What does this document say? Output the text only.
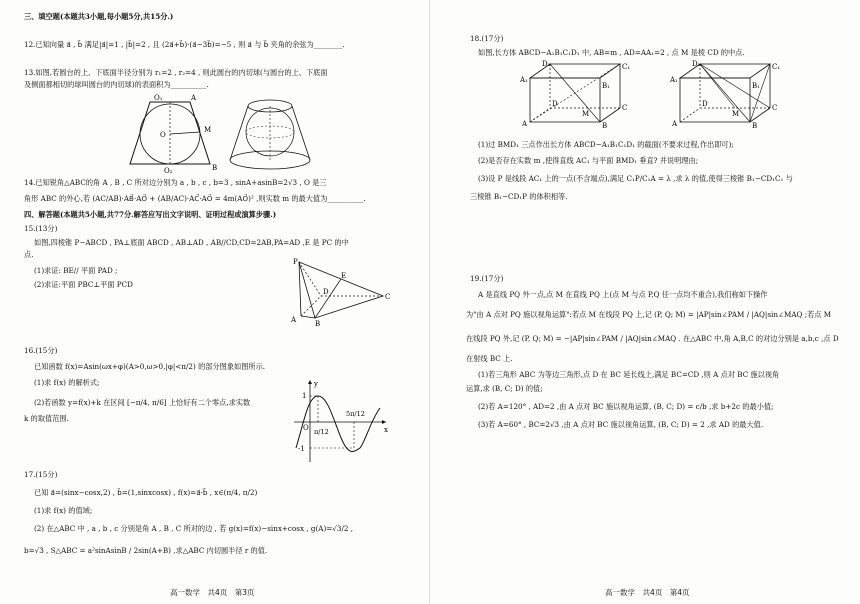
三、填空题(本题共3小题,每小题5分,共15分.)
12.已知向量 a⃗ , b⃗ 满足|a⃗|=1 , |b⃗|=2 , 且 (2a⃗+b⃗)·(a⃗−3b⃗)=−5 , 则 a⃗ 与 b⃗ 夹角的余弦为________.
13.如图,若圆台的上、下底面半径分别为 r₁=2 , r₂=4 , 则此圆台的内切球(与圆台的上、下底面
及侧面都相切的球叫圆台的内切球)的表面积为__________.
O₁	A
M
O
O₂	B
14.已知锐角△ABC的角 A , B , C 所对边分别为 a , b , c , b=3 , sinA+asinB=2√3 , O 是三
角形 ABC 的外心,若 (AC/AB)·AB⃗·AO⃗ + (AB/AC)·AC⃗·AO⃗ = 4m(AO⃗)² ,则实数 m 的最大值为__________.
四、解答题(本题共5小题,共77分.解答应写出文字说明、证明过程或演算步骤.)
15.(13分)
如图,四棱锥 P−ABCD , PA⊥底面 ABCD , AB⊥AD , AB//CD,CD=2AB,PA=AD ,E 是 PC 的中
点.
(1)求证: BE// 平面 PAD ;
(2)求证:平面 PBC⊥平面 PCD
P
E
D
C
A	B
16.(15分)
已知函数 f(x)=Asin(ωx+φ)(A>0,ω>0,|φ|<π/2) 的部分图象如图所示.
(1)求 f(x) 的解析式;
(2)若函数 y=f(x)+k 在区间 [−π/4, π/6] 上恰好有二个零点,求实数
k 的取值范围.
y
1
-1
O π/12
5π/12
x
17.(15分)
已知 a⃗=(sinx−cosx,2) , b⃗=(1,sinxcosx) , f(x)=a⃗·b⃗ , x∈(π/4, π/2)
(1)求 f(x) 的值域;
(2) 在△ABC 中 , a , b , c 分别是角 A , B , C 所对的边 , 若 g(x)=f(x)−sinx+cosx , g(A)=√3/2 ,
b=√3 , S△ABC = a²sinAsinB / 2sin(A+B) ,求△ABC 内切圆半径 r 的值.
高一数学　共4页　第3页
18.(17分)
如图,长方体 ABCD−A₁B₁C₁D₁ 中, AB=m , AD=AA₁=2 , 点 M 是棱 CD 的中点.
D₁	C₁
A₁
B₁
D
M
C
A	B
D₁	C₁
A₁
B₁
D
M
C
A	B
(1)过 BMD₁ 三点作出长方体 ABCD−A₁B₁C₁D₁ 的截面(不要求过程,作出即可);
(2)是否存在实数 m ,使得直线 AC₁ 与平面 BMD₁ 垂直? 并说明理由;
(3)设 P 是线段 AC₁ 上的一点(不含端点),满足 C₁P/C₁A = λ ,求 λ 的值,使得三棱锥 B₁−CD₁C₁ 与
三棱锥 B₁−CD₁P 的体积相等.
19.(17分)
A 是直线 PQ 外一点,点 M 在直线 PQ 上(点 M 与点 P,Q 任一点均不重合),我们称如下操作
为"由 A 点对 PQ 施以视角运算":若点 M 在线段 PQ 上,记 (P, Q; M) = |AP|sin∠PAM / |AQ|sin∠MAQ ;若点 M
在线段 PQ 外,记 (P, Q; M) = −|AP|sin∠PAM / |AQ|sin∠MAQ . 在△ABC 中,角 A,B,C 的对边分别是 a,b,c ,点 D
在射线 BC 上.
(1)若三角形 ABC 为等边三角形,点 D 在 BC 延长线上,满足 BC=CD ,则 A 点对 BC 施以视角
运算,求 (B, C; D) 的值;
(2)若 A=120° , AD=2 ,由 A 点对 BC 施以视角运算, (B, C; D) = c/b ,求 b+2c 的最小值;
(3)若 A=60° , BC=2√3 ,由 A 点对 BC 施以视角运算, (B, C; D) = 2 ,求 AD 的最大值.
高一数学　共4页　第4页
